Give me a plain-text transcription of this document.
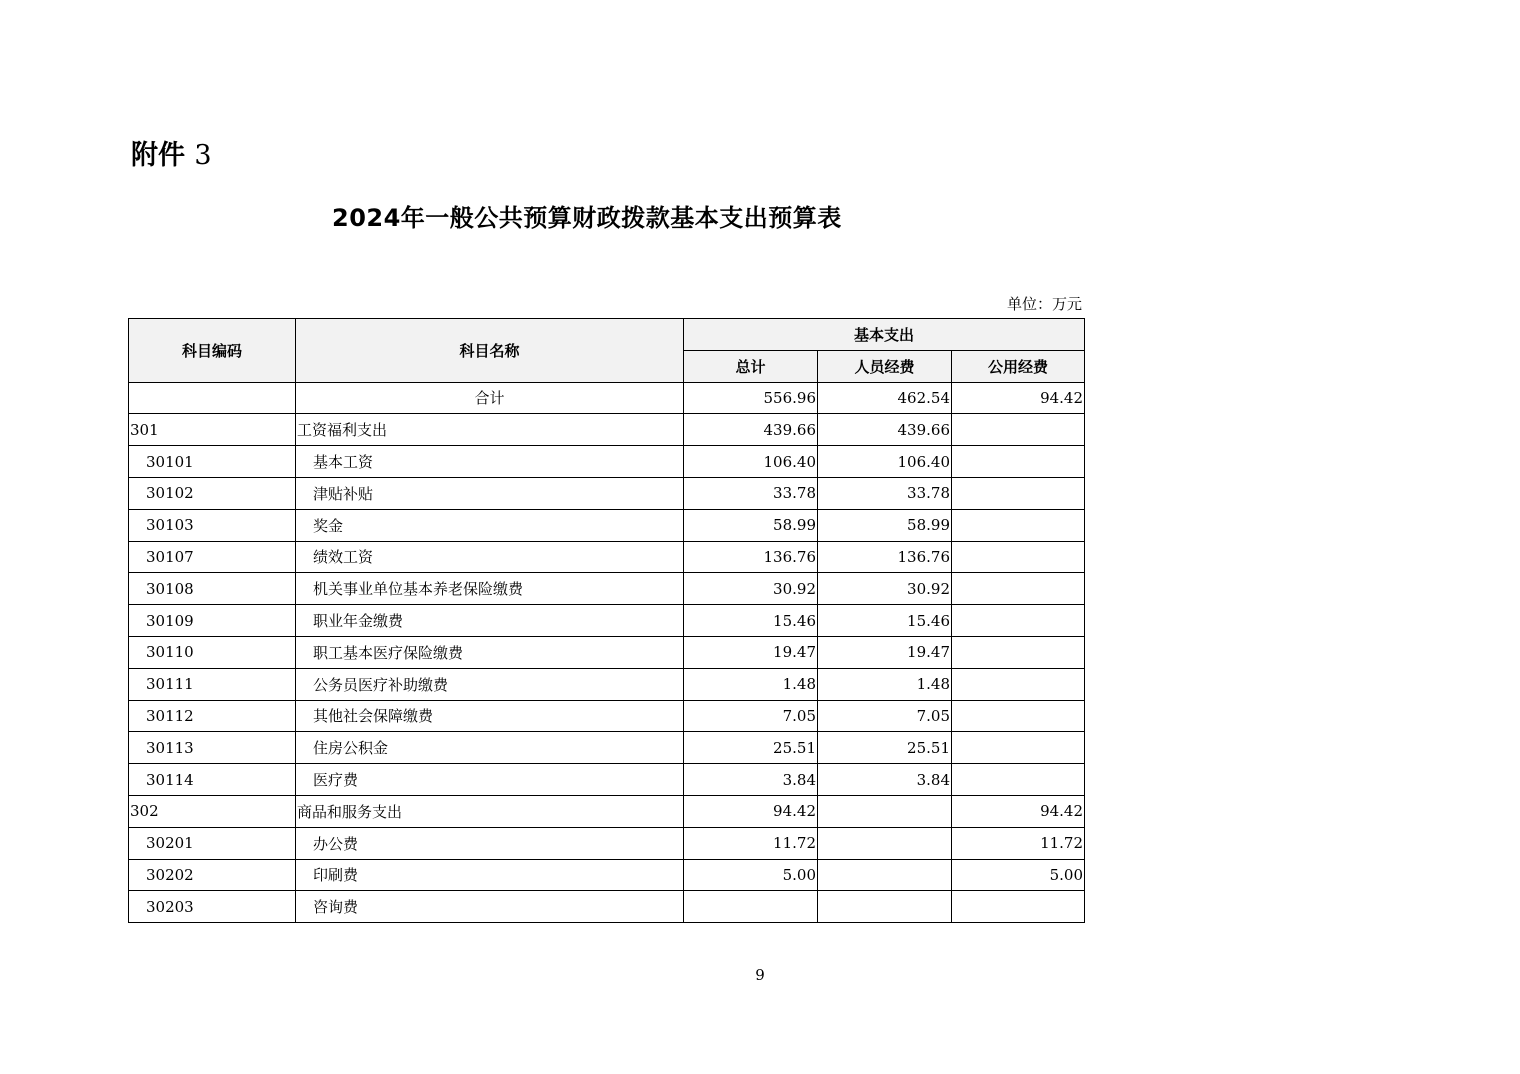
附件 3
2024年一般公共预算财政拨款基本支出预算表
单位：万元
科目编码	科目名称	基本支出		
		总计	人员经费	公用经费
	合计	556.96	462.54	94.42
301	工资福利支出	439.66	439.66	
30101	基本工资	106.40	106.40	
30102	津贴补贴	33.78	33.78	
30103	奖金	58.99	58.99	
30107	绩效工资	136.76	136.76	
30108	机关事业单位基本养老保险缴费	30.92	30.92	
30109	职业年金缴费	15.46	15.46	
30110	职工基本医疗保险缴费	19.47	19.47	
30111	公务员医疗补助缴费	1.48	1.48	
30112	其他社会保障缴费	7.05	7.05	
30113	住房公积金	25.51	25.51	
30114	医疗费	3.84	3.84	
302	商品和服务支出	94.42		94.42
30201	办公费	11.72		11.72
30202	印刷费	5.00		5.00
30203	咨询费			
9
